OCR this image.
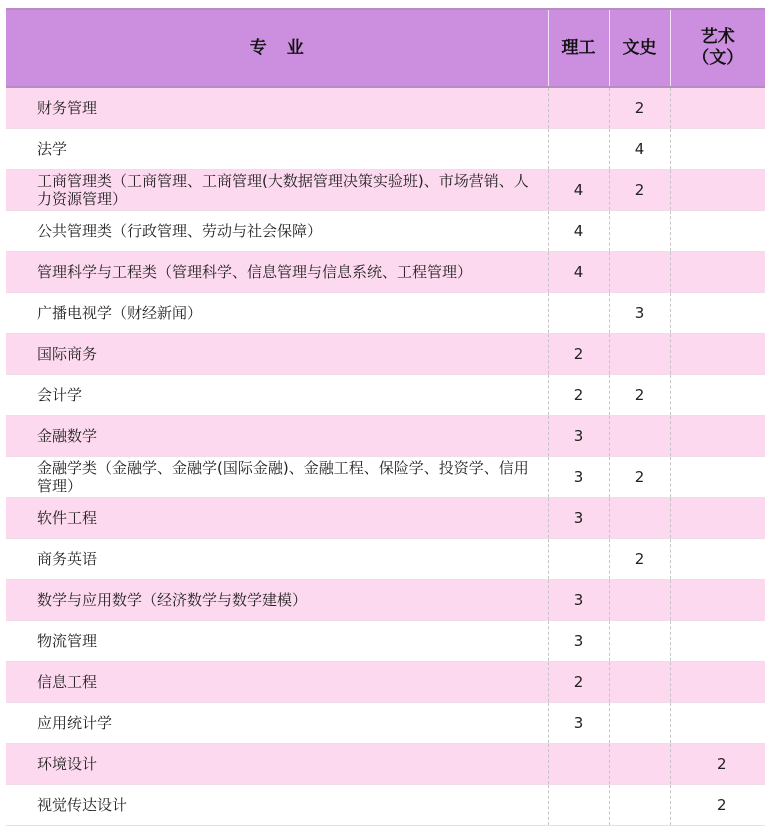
专业	理工	文史	艺术
（文）

财务管理		2	
法学		4	
工商管理类（工商管理、工商管理(大数据管理决策实验班)、市场营销、人力资源管理）	4	2	
公共管理类（行政管理、劳动与社会保障）	4		
管理科学与工程类（管理科学、信息管理与信息系统、工程管理）	4		
广播电视学（财经新闻）		3	
国际商务	2		
会计学	2	2	
金融数学	3		
金融学类（金融学、金融学(国际金融)、金融工程、保险学、投资学、信用管理）	3	2	
软件工程	3		
商务英语		2	
数学与应用数学（经济数学与数学建模）	3		
物流管理	3		
信息工程	2		
应用统计学	3		
环境设计			2
视觉传达设计			2
